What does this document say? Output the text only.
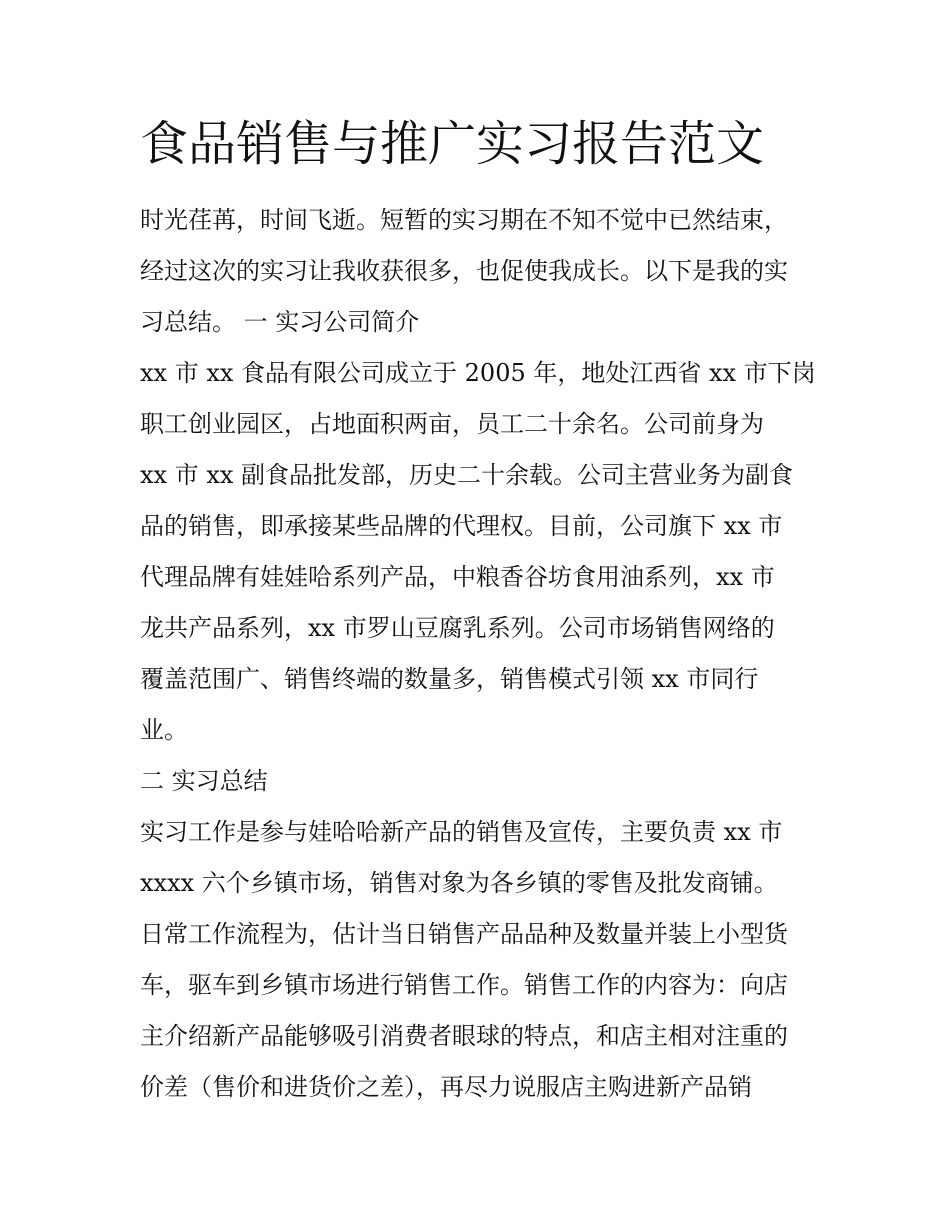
食品销售与推广实习报告范文

时光荏苒，时间飞逝。短暂的实习期在不知不觉中已然结束，

经过这次的实习让我收获很多，也促使我成长。以下是我的实

习总结。 一 实习公司简介

xx 市 xx 食品有限公司成立于 2005 年，地处江西省 xx 市下岗

职工创业园区，占地面积两亩，员工二十余名。公司前身为

xx 市 xx 副食品批发部，历史二十余载。公司主营业务为副食

品的销售，即承接某些品牌的代理权。目前，公司旗下 xx 市

代理品牌有娃娃哈系列产品，中粮香谷坊食用油系列，xx 市

龙共产品系列，xx 市罗山豆腐乳系列。公司市场销售网络的

覆盖范围广、销售终端的数量多，销售模式引领 xx 市同行

业。

二 实习总结

实习工作是参与娃哈哈新产品的销售及宣传，主要负责 xx 市

xxxx 六个乡镇市场，销售对象为各乡镇的零售及批发商铺。

日常工作流程为，估计当日销售产品品种及数量并装上小型货

车，驱车到乡镇市场进行销售工作。销售工作的内容为：向店

主介绍新产品能够吸引消费者眼球的特点，和店主相对注重的

价差（售价和进货价之差），再尽力说服店主购进新产品销
